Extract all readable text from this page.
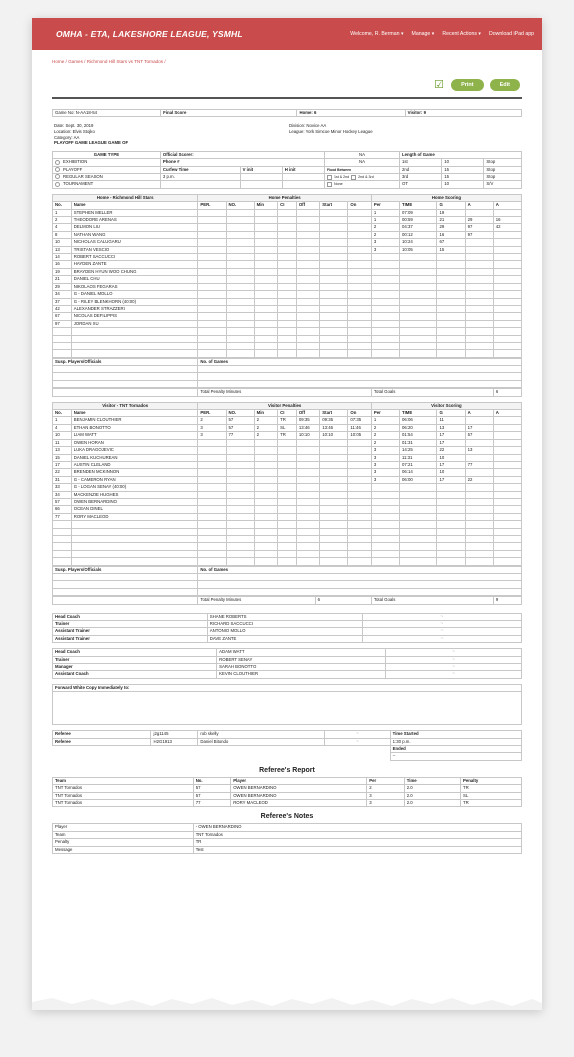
OMHA - ETA, LAKESHORE LEAGUE, YSMHL	Welcome, R. Berman ▾ Manage ▾ Recent Actions ▾ Download iPad app
Home / Games / Richmond Hill Stars vs TNT Tornados /
☑	Print	Edit
Game No: N-AA18-54	Final Score	Home: 6	Visitor: 9
Date: Sept. 30, 2019	Division: Novice AA
Location: Elvis Stojko	League: York Simcoe Minor Hockey League
Category: AA	
PLAYOFF GAME LEAGUE GAME OF	
GAME TYPE	Official Scorer:			NA	Length of Game		
EXHIBITION	Phone #			NA	1st	10	Stop
PLAYOFF	Curfew Time	V init	H init	Flood Between	2nd	15	Stop
REGULAR SEASON	3 p.m.			1st & 2nd 2nd & 3rd	3rd	15	Stop
TOURNAMENT				None	OT	10	S/V
Home - Richmond Hill Stars		Home Penalties							Home Scoring				
No.	Name	PER.	NO.	Min	CI	Off	Start	On	Per	TIME	G	A	A
1	STEPHEN MELLER								1	07:09	19		
2	THEODORE ARENAS								1	00:59	21	29	16
4	DELMON LIU								2	04:37	29	97	42
8	NATHAN WANG								2	00:12	16	97	
10	NICHOLAS CALUGARU								3	10:24	67		
13	TRISTAN VESCIO								3	10:05	15		
14	ROBERT SACCUCCI												
16	HAYDEN ZANTE												
19	BRAYDEN HYUN WOO CHUNG												
21	DANIEL CHU												
29	NIKOLAOS FEGARAS												
34	G - DANIEL MOLLO												
37	G - RILEY BLENKHORN (40:00)												
42	ALEXANDER STRAZZERI												
67	NICOLAS DEFILIPPIS												
97	JORDAN XU												

Susp. Players/Officials	No. of Games

	Total Penalty Minutes	Total Goals	6
Visitor - TNT Tornados		Visitor Penalties							Visitor Scoring				
No.	Name	PER.	NO.	Min	CI	Off	Start	On	Per	TIME	G	A	A
1	BENJAMIN CLOUTHIER	2	57	2	TR	09:35	09:35	07:35	1	06:06	11		
4	ETHAN BONOTTO	3	57	2	SL	13:46	13:46	11:46	2	06:20	13	17	
10	LIAM WATT	3	77	2	TR	10:10	10:10	10:05	2	01:54	17	57	
11	OWEN HORAN								2	01:31	17		
13	LUKA DRAGOJEVIC								3	14:25	22	13	
15	DANIEL KUCHUREAN								3	11:31	10		
17	AUSTIN CLELAND								3	07:21	17	77	
22	BRENDEN MCKINNON								3	06:14	10		
31	G - CAMERON RYAN								3	06:00	17	22	
33	G - LOGAN SENAY (40:00)												
34	MACKENZIE HUGHES												
57	OWEN BERNARDINO												
66	OCEAN DINEL												
77	RORY MACLEOD												

Susp. Players/Officials	No. of Games

	Total Penalty Minutes	6	Total Goals	9
Head Coach	SHANE ROBERTS	~
Trainer	RICHARD SACCUCCI	~
Assistant Trainer	ANTONIO MOLLO	~
Assistant Trainer	DAVE ZANTE	~
Head Coach	ADAM WATT	~
Trainer	ROBERT SENAY	~
Manager	SARAH BONOTTO	~
Assistant Coach	KEVIN CLOUTHIER	~
Forward White Copy Immediately to:

Referee	j2g1145	rob skelly	~	Time Started
Referee	H2G1913	Daniel Bitondo	~	1:30 p.m.
				Ended
				--
Referee's Report
Team	No.	Player	Per	Time	Penalty
TNT Tornados	57	OWEN BERNARDINO	2	2.0	TR
TNT Tornados	57	OWEN BERNARDINO	3	2.0	SL
TNT Tornados	77	RORY MACLEOD	3	2.0	TR
Referee's Notes
Player	- OWEN BERNARDINO
Team	TNT Tornados
Penalty	TR
Message	Test
